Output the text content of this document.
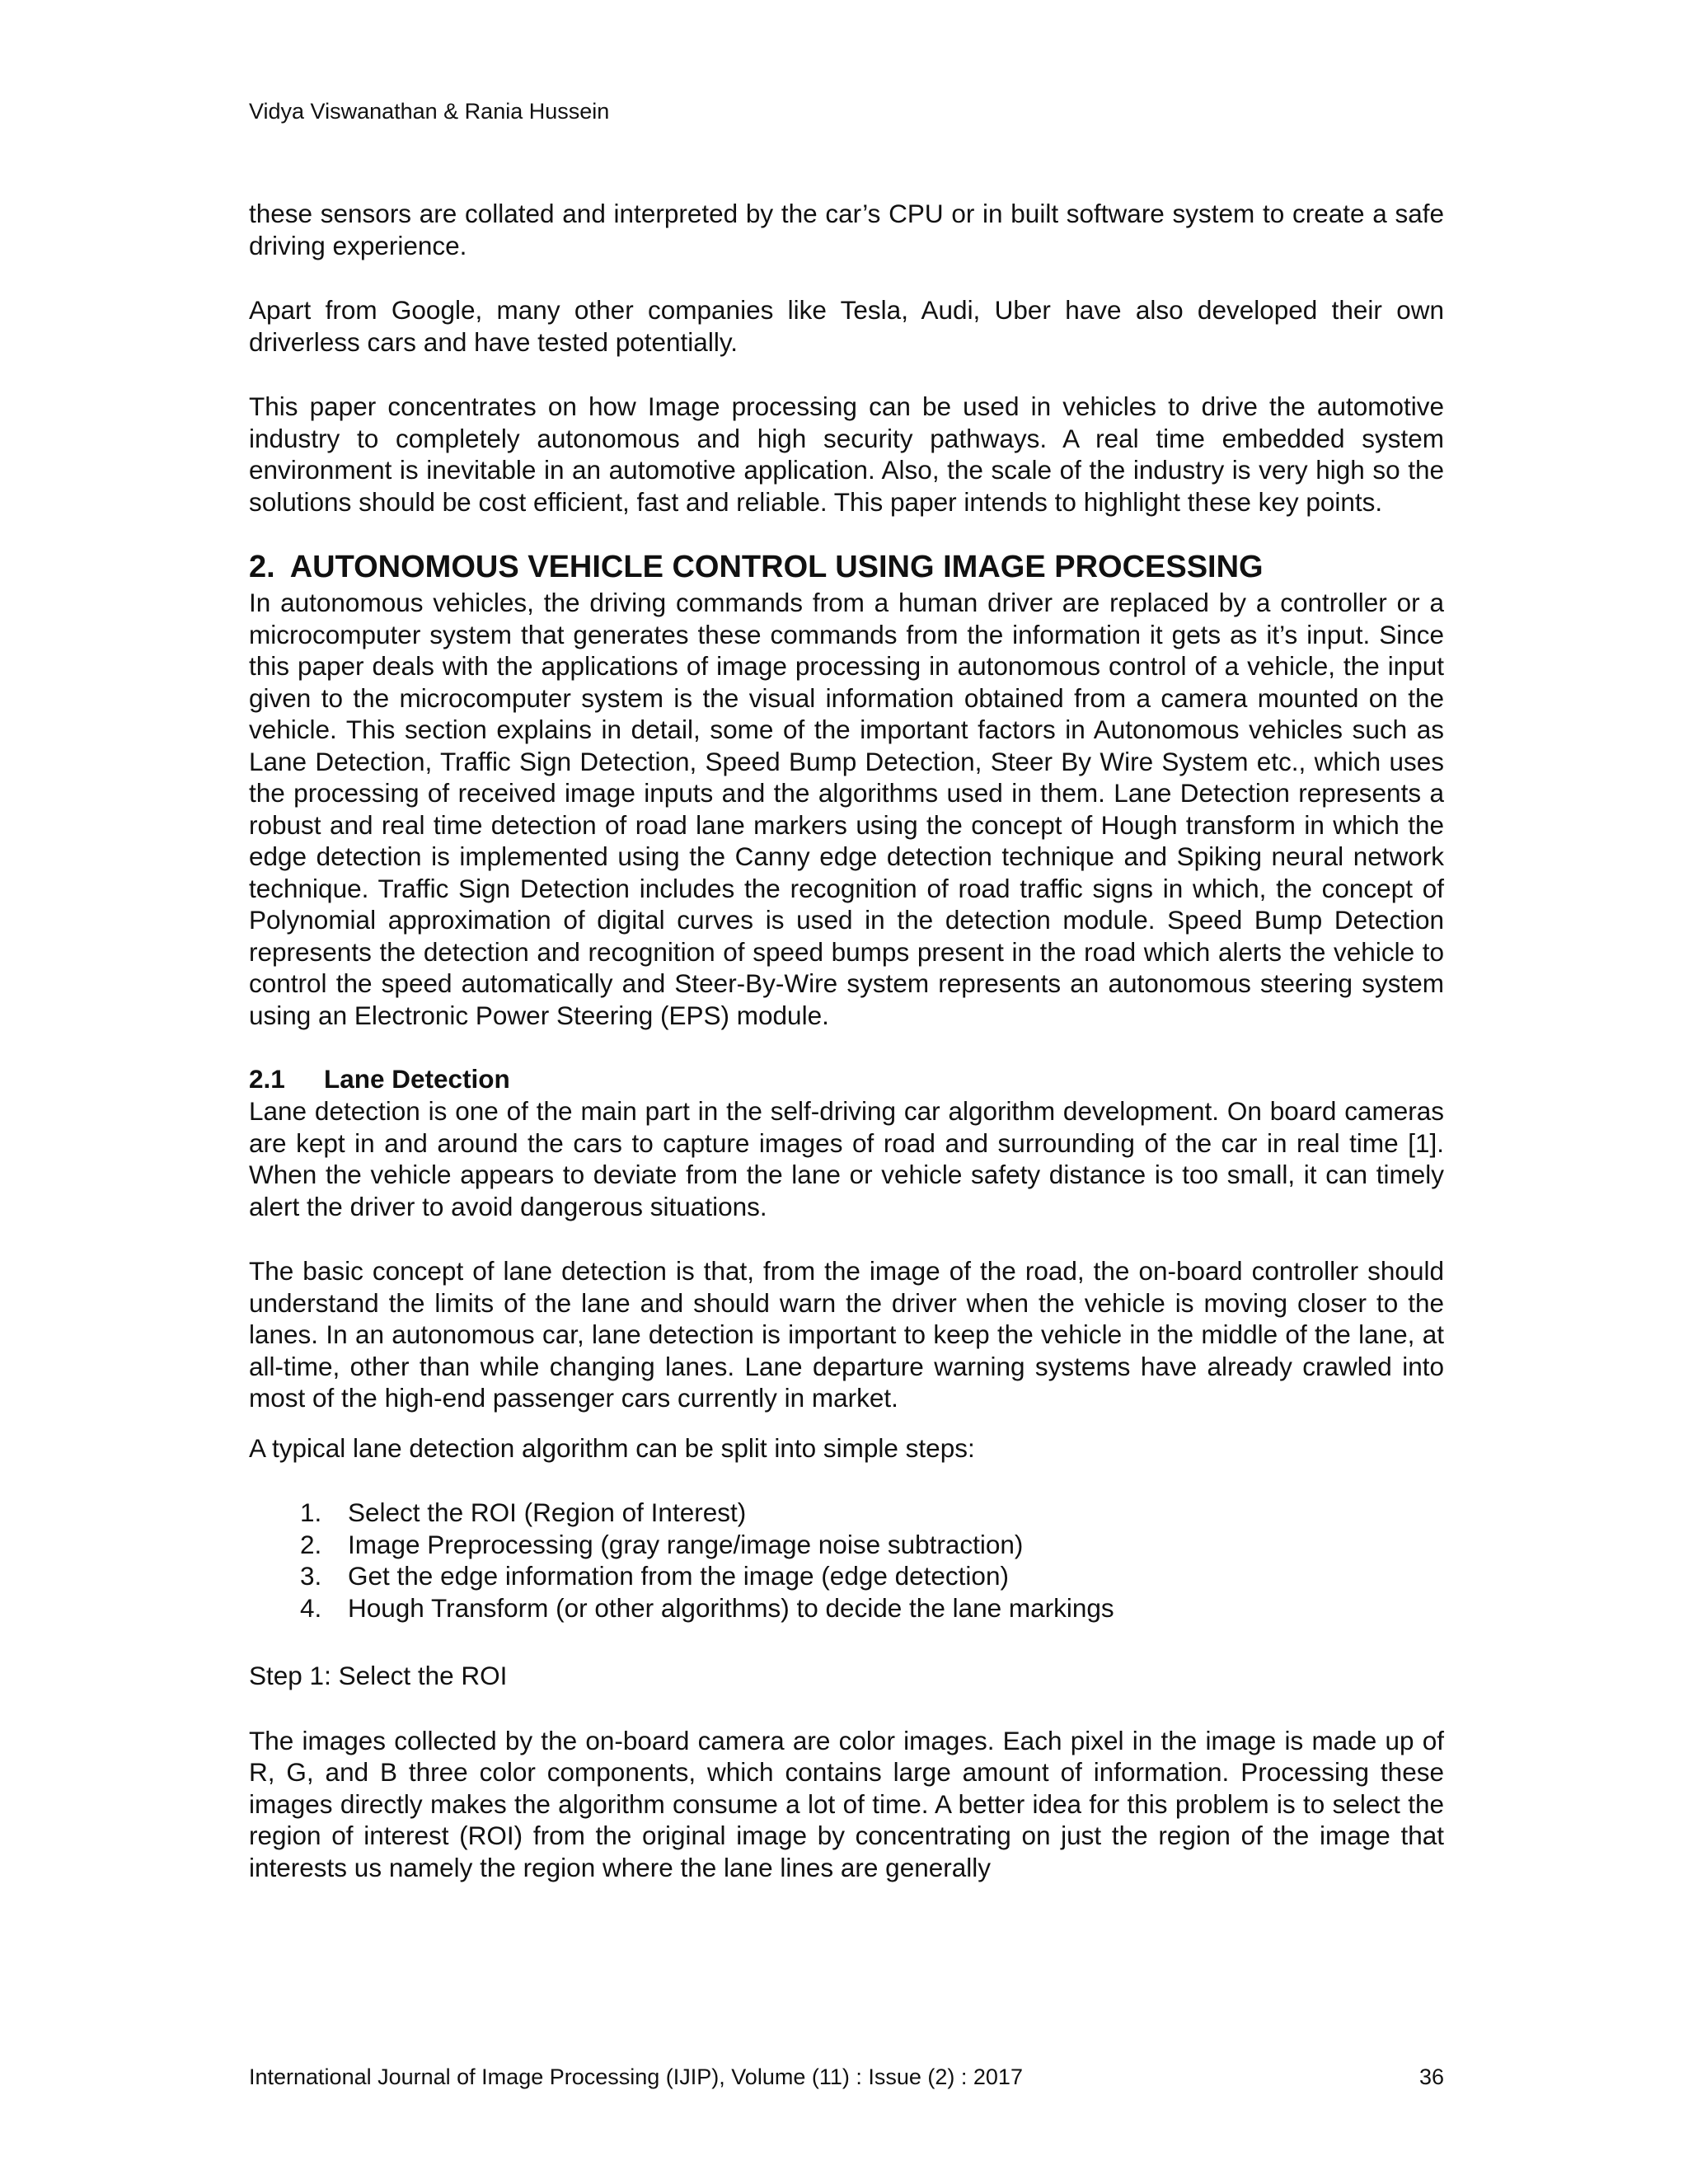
Vidya Viswanathan & Rania Hussein

these sensors are collated and interpreted by the car’s CPU or in built software system to create a safe driving experience.

Apart from Google, many other companies like Tesla, Audi, Uber have also developed their own driverless cars and have tested potentially.

This paper concentrates on how Image processing can be used in vehicles to drive the automotive industry to completely autonomous and high security pathways. A real time embedded system environment is inevitable in an automotive application. Also, the scale of the industry is very high so the solutions should be cost efficient, fast and reliable. This paper intends to highlight these key points.

2. AUTONOMOUS VEHICLE CONTROL USING IMAGE PROCESSING

In autonomous vehicles, the driving commands from a human driver are replaced by a controller or a microcomputer system that generates these commands from the information it gets as it’s input. Since this paper deals with the applications of image processing in autonomous control of a vehicle, the input given to the microcomputer system is the visual information obtained from a camera mounted on the vehicle. This section explains in detail, some of the important factors in Autonomous vehicles such as Lane Detection, Traffic Sign Detection, Speed Bump Detection, Steer By Wire System etc., which uses the processing of received image inputs and the algorithms used in them. Lane Detection represents a robust and real time detection of road lane markers using the concept of Hough transform in which the edge detection is implemented using the Canny edge detection technique and Spiking neural network technique. Traffic Sign Detection includes the recognition of road traffic signs in which, the concept of Polynomial approximation of digital curves is used in the detection module. Speed Bump Detection represents the detection and recognition of speed bumps present in the road which alerts the vehicle to control the speed automatically and Steer-By-Wire system represents an autonomous steering system using an Electronic Power Steering (EPS) module.

2.1 Lane Detection

Lane detection is one of the main part in the self-driving car algorithm development. On board cameras are kept in and around the cars to capture images of road and surrounding of the car in real time [1]. When the vehicle appears to deviate from the lane or vehicle safety distance is too small, it can timely alert the driver to avoid dangerous situations.

The basic concept of lane detection is that, from the image of the road, the on-board controller should understand the limits of the lane and should warn the driver when the vehicle is moving closer to the lanes. In an autonomous car, lane detection is important to keep the vehicle in the middle of the lane, at all-time, other than while changing lanes. Lane departure warning systems have already crawled into most of the high-end passenger cars currently in market.

A typical lane detection algorithm can be split into simple steps:

1. Select the ROI (Region of Interest)
2. Image Preprocessing (gray range/image noise subtraction)
3. Get the edge information from the image (edge detection)
4. Hough Transform (or other algorithms) to decide the lane markings

Step 1: Select the ROI

The images collected by the on-board camera are color images. Each pixel in the image is made up of R, G, and B three color components, which contains large amount of information. Processing these images directly makes the algorithm consume a lot of time. A better idea for this problem is to select the region of interest (ROI) from the original image by concentrating on just the region of the image that interests us namely the region where the lane lines are generally

International Journal of Image Processing (IJIP), Volume (11) : Issue (2) : 2017	36
